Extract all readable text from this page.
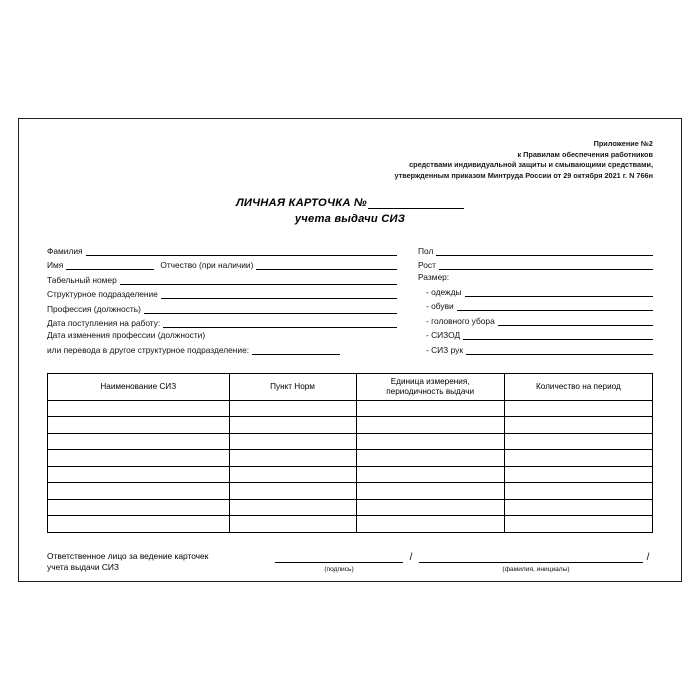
Приложение №2
к Правилам обеспечения работников
средствами индивидуальной защиты и смывающими средствами,
утвержденным приказом Минтруда России от 29 октября 2021 г. N 766н
ЛИЧНАЯ КАРТОЧКА №
учета выдачи СИЗ
Фамилия
Имя	Отчество (при наличии)
Табельный номер
Структурное подразделение
Профессия (должность)
Дата поступления на работу:
Дата изменения профессии (должности)
или перевода в другое структурное подразделение:
Пол
Рост
Размер:
- одежды
- обуви
- головного убора
- СИЗОД
- СИЗ рук
Наименование СИЗ	Пункт Норм	Единица измерения,
периодичность выдачи	Количество на период

Ответственное лицо за ведение карточек
учета выдачи СИЗ
/	/
(подпись)	(фамилия, инициалы)
